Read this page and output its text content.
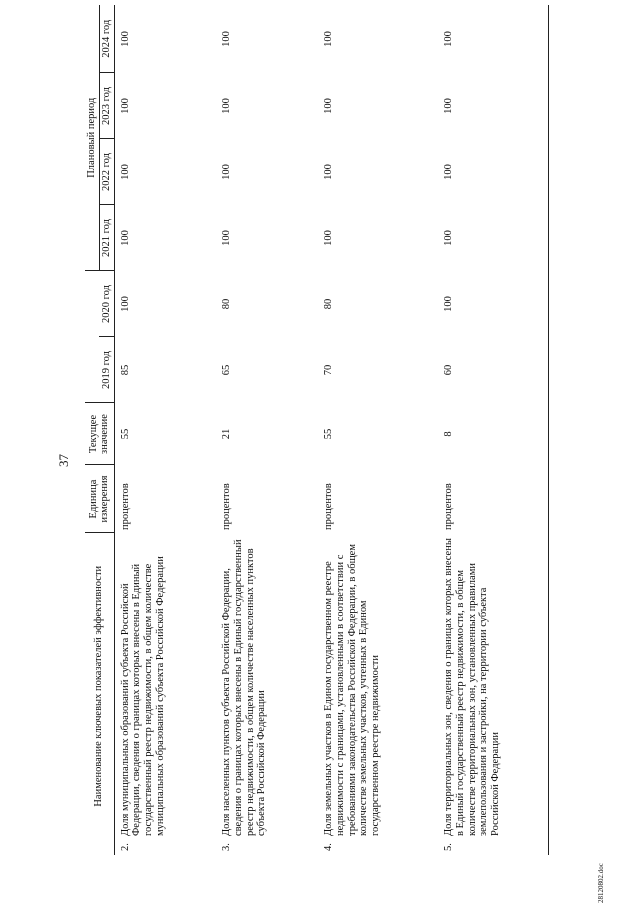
37
28120802.doc
	Наименование ключевых показателей эффективности	Единица измерения	Текущее значение			Плановый период			
				2019 год	2020 год	2021 год	2022 год	2023 год	2024 год
2.	Доля муниципальных образований субъекта Российской Федерации, сведения о границах которых внесены в Единый государственный реестр недвижимости, в общем количестве муниципальных образований субъекта Российской Федерации	процентов	55	85	100	100	100	100	100
3.	Доля населенных пунктов субъекта Российской Федерации, сведения о границах которых внесены в Единый государственный реестр недвижимости, в общем количестве населенных пунктов субъекта Российской Федерации	процентов	21	65	80	100	100	100	100
4.	Доля земельных участков в Едином государственном реестре недвижимости с границами, установленными в соответствии с требованиями законодательства Российской Федерации, в общем количестве земельных участков, учтенных в Едином государственном реестре недвижимости	процентов	55	70	80	100	100	100	100
5.	Доля территориальных зон, сведения о границах которых внесены в Единый государственный реестр недвижимости, в общем количестве территориальных зон, установленных правилами землепользования и застройки, на территории субъекта Российской Федерации	процентов	8	60	100	100	100	100	100
